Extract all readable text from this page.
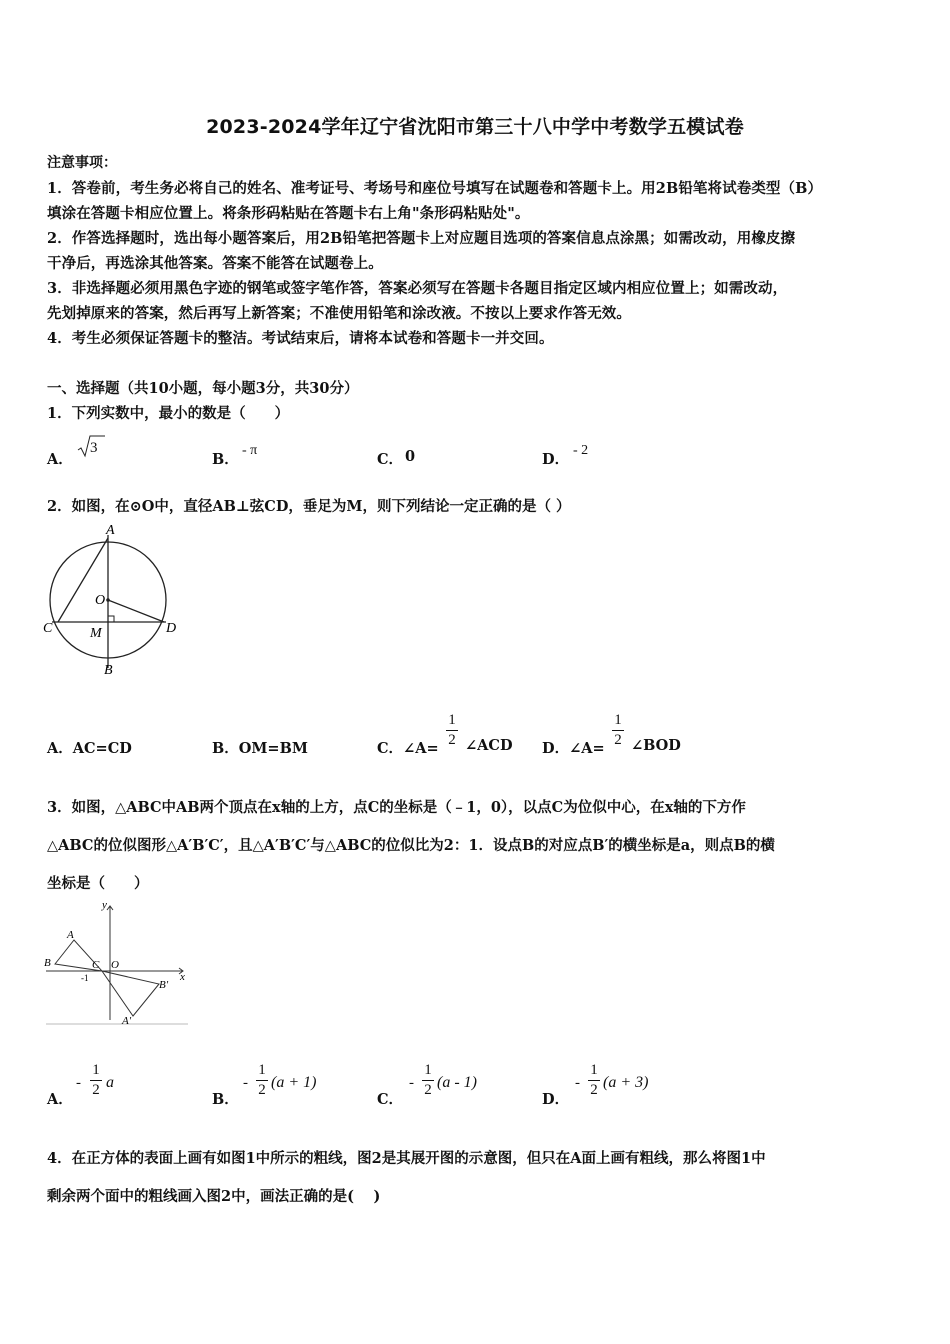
2023-2024学年辽宁省沈阳市第三十八中学中考数学五模试卷
注意事项：
1．答卷前，考生务必将自己的姓名、准考证号、考场号和座位号填写在试题卷和答题卡上。用2B铅笔将试卷类型（B）
填涂在答题卡相应位置上。将条形码粘贴在答题卡右上角"条形码粘贴处"。
2．作答选择题时，选出每小题答案后，用2B铅笔把答题卡上对应题目选项的答案信息点涂黑；如需改动，用橡皮擦
干净后，再选涂其他答案。答案不能答在试题卷上。
3．非选择题必须用黑色字迹的钢笔或签字笔作答，答案必须写在答题卡各题目指定区域内相应位置上；如需改动，
先划掉原来的答案，然后再写上新答案；不准使用铅笔和涂改液。不按以上要求作答无效。
4．考生必须保证答题卡的整洁。考试结束后，请将本试卷和答题卡一并交回。
一、选择题（共10小题，每小题3分，共30分）
1．下列实数中，最小的数是（　　）
A．
3
B．
- π
C． 0	D．
- 2
2．如图，在⊙O中，直径AB⊥弦CD，垂足为M，则下列结论一定正确的是（ ）
A
B
C	D
O
M
A．AC=CD	B．OM=BM	C．∠A=
1
2 ∠ACD D．∠A=
1
2 ∠BOD
3．如图，△ABC中AB两个顶点在x轴的上方，点C的坐标是（﹣1，0），以点C为位似中心，在x轴的下方作
△ABC的位似图形△A′B′C′，且△A′B′C′与△ABC的位似比为2：1．设点B的对应点B′的横坐标是a，则点B的横
坐标是（　　）
y
x
A
B	C O
-1
B′
A′
A．
-
1
2 a
B．
-
1
2 (a + 1)
C．
-
1
2 (a - 1)
D．
-
1
2 (a + 3)
4．在正方体的表面上画有如图1中所示的粗线，图2是其展开图的示意图，但只在A面上画有粗线，那么将图1中
剩余两个面中的粗线画入图2中，画法正确的是(　 )
